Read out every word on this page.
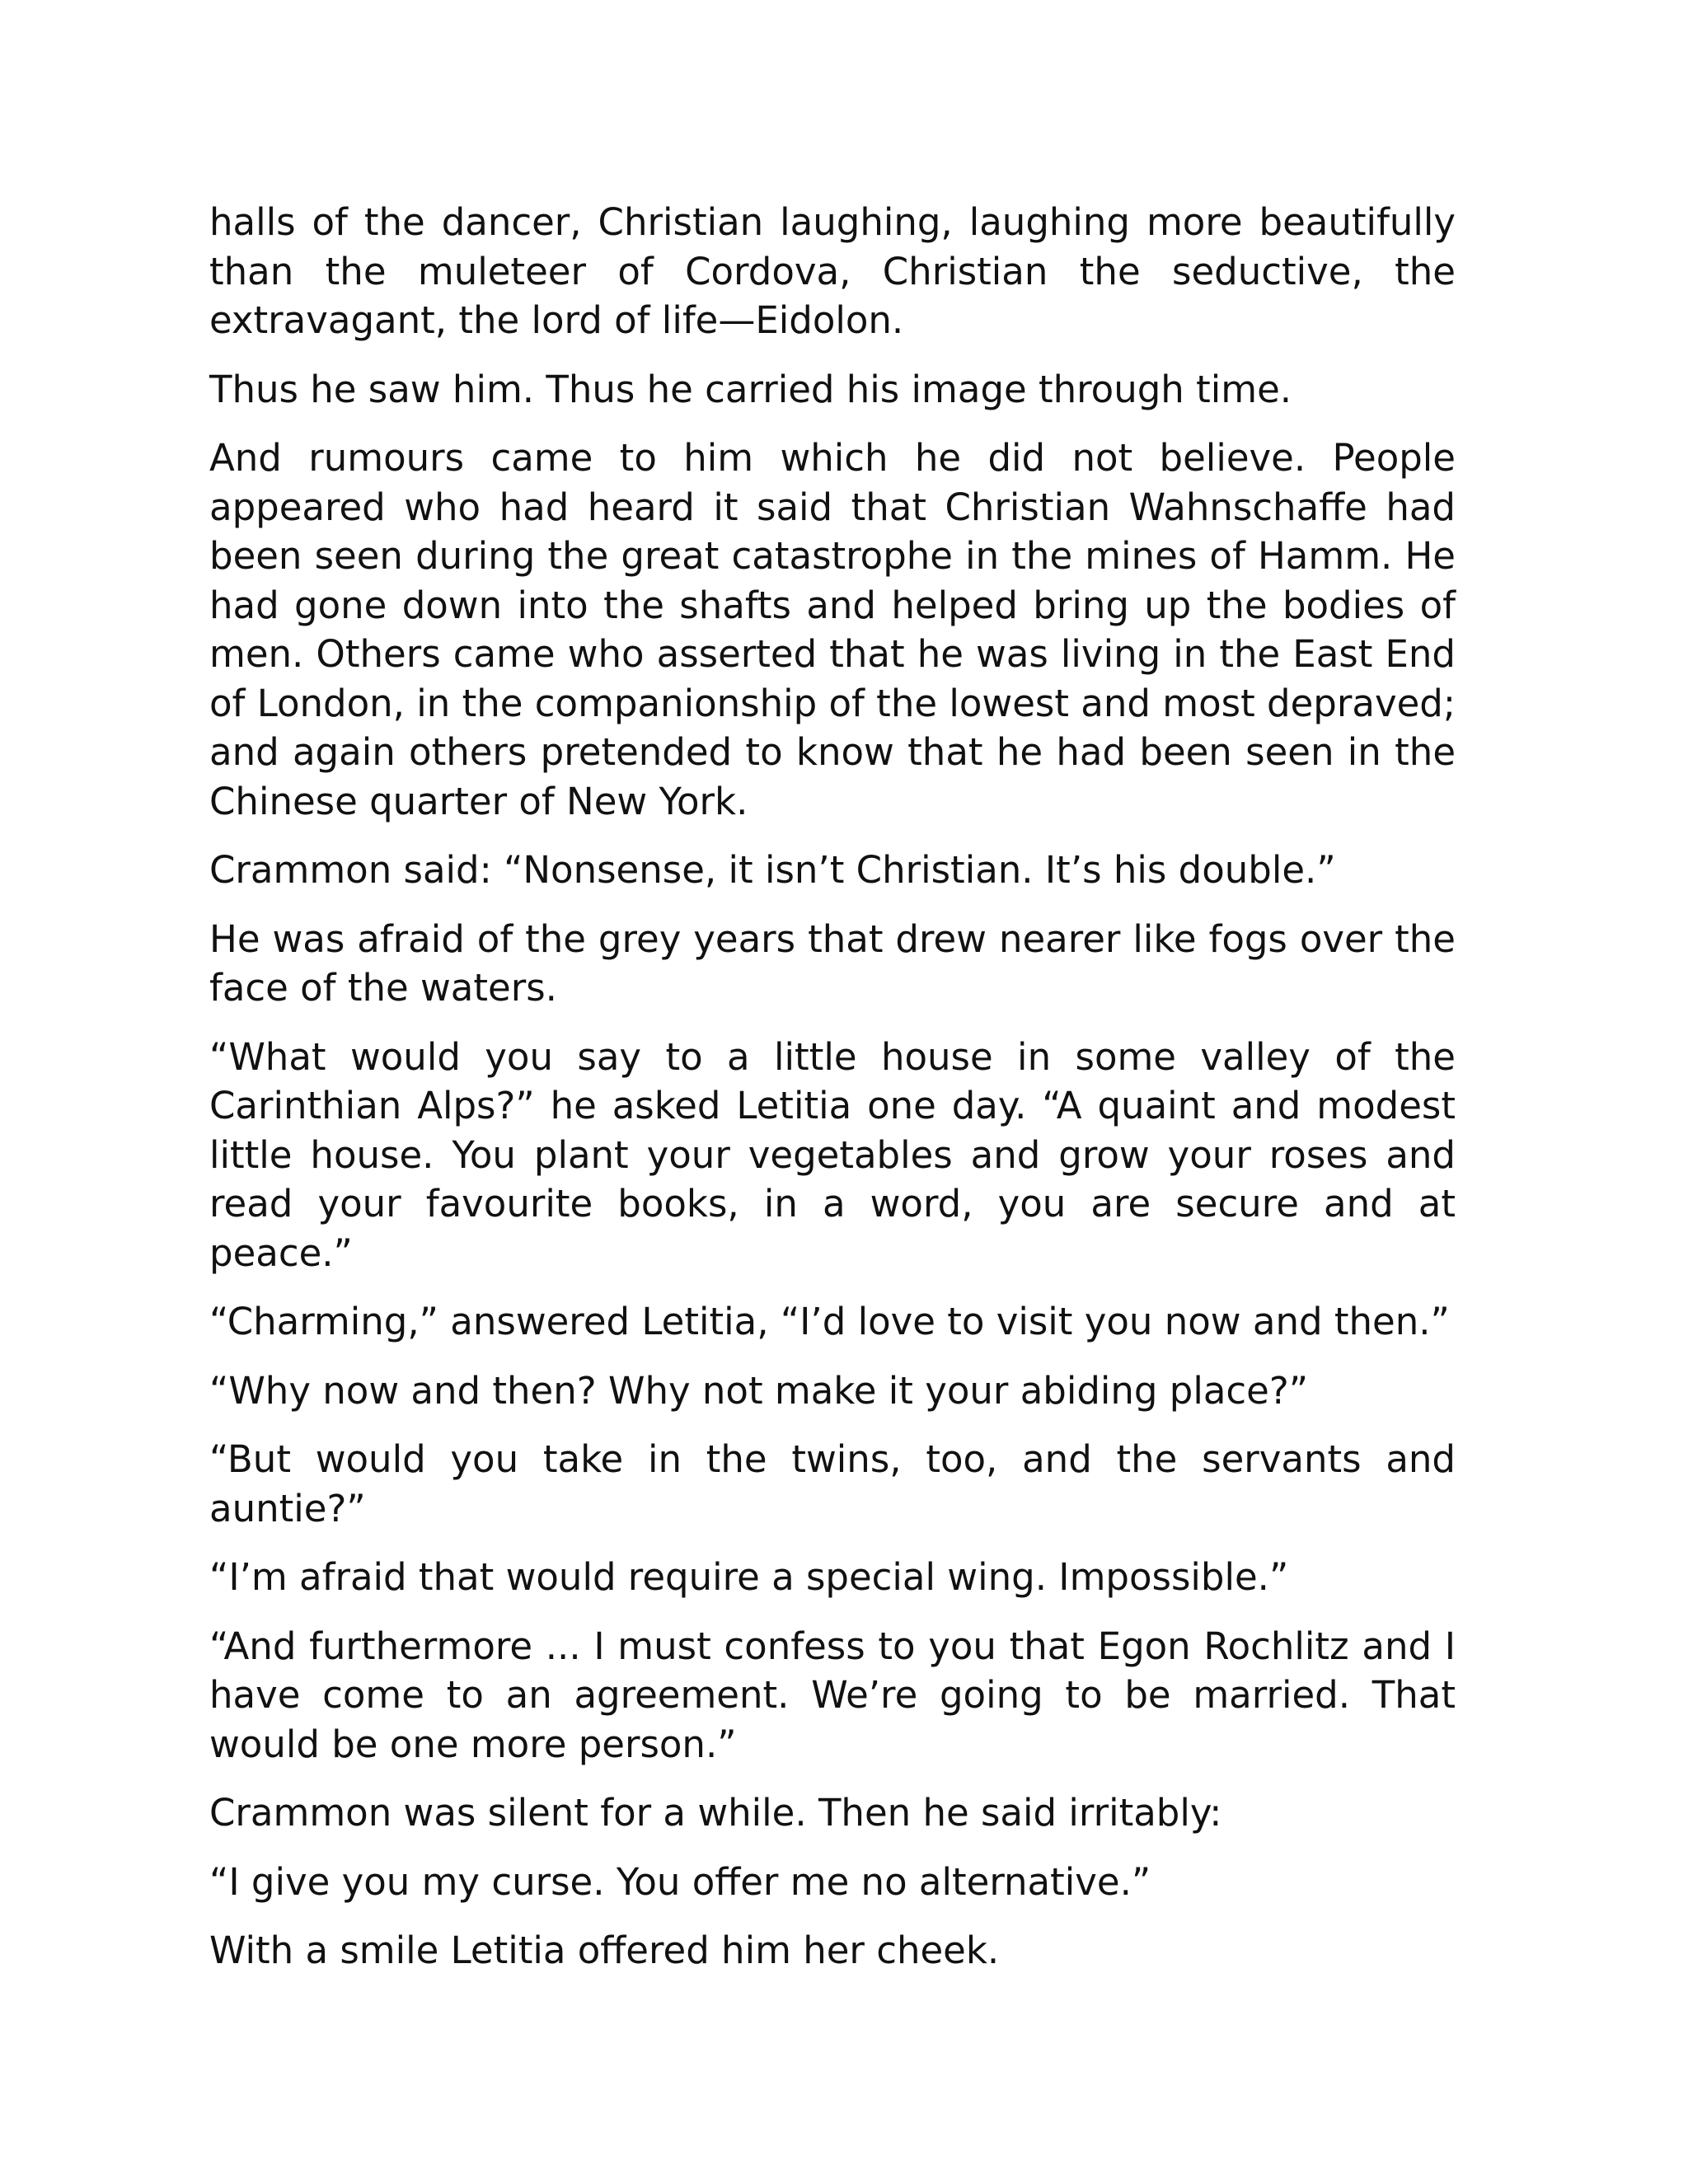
halls of the dancer, Christian laughing, laughing more beautifully than the muleteer of Cordova, Christian the seductive, the extravagant, the lord of life—Eidolon.

Thus he saw him. Thus he carried his image through time.

And rumours came to him which he did not believe. People appeared who had heard it said that Christian Wahnschaffe had been seen during the great catastrophe in the mines of Hamm. He had gone down into the shafts and helped bring up the bodies of men. Others came who asserted that he was living in the East End of London, in the companionship of the lowest and most depraved; and again others pretended to know that he had been seen in the Chinese quarter of New York.

Crammon said: “Nonsense, it isn’t Christian. It’s his double.”

He was afraid of the grey years that drew nearer like fogs over the face of the waters.

“What would you say to a little house in some valley of the Carinthian Alps?” he asked Letitia one day. “A quaint and modest little house. You plant your vegetables and grow your roses and read your favourite books, in a word, you are secure and at peace.”

“Charming,” answered Letitia, “I’d love to visit you now and then.”

“Why now and then? Why not make it your abiding place?”

“But would you take in the twins, too, and the servants and auntie?”

“I’m afraid that would require a special wing. Impossible.”

“And furthermore ... I must confess to you that Egon Rochlitz and I have come to an agreement. We’re going to be married. That would be one more person.”

Crammon was silent for a while. Then he said irritably:

“I give you my curse. You offer me no alternative.”

With a smile Letitia offered him her cheek.
